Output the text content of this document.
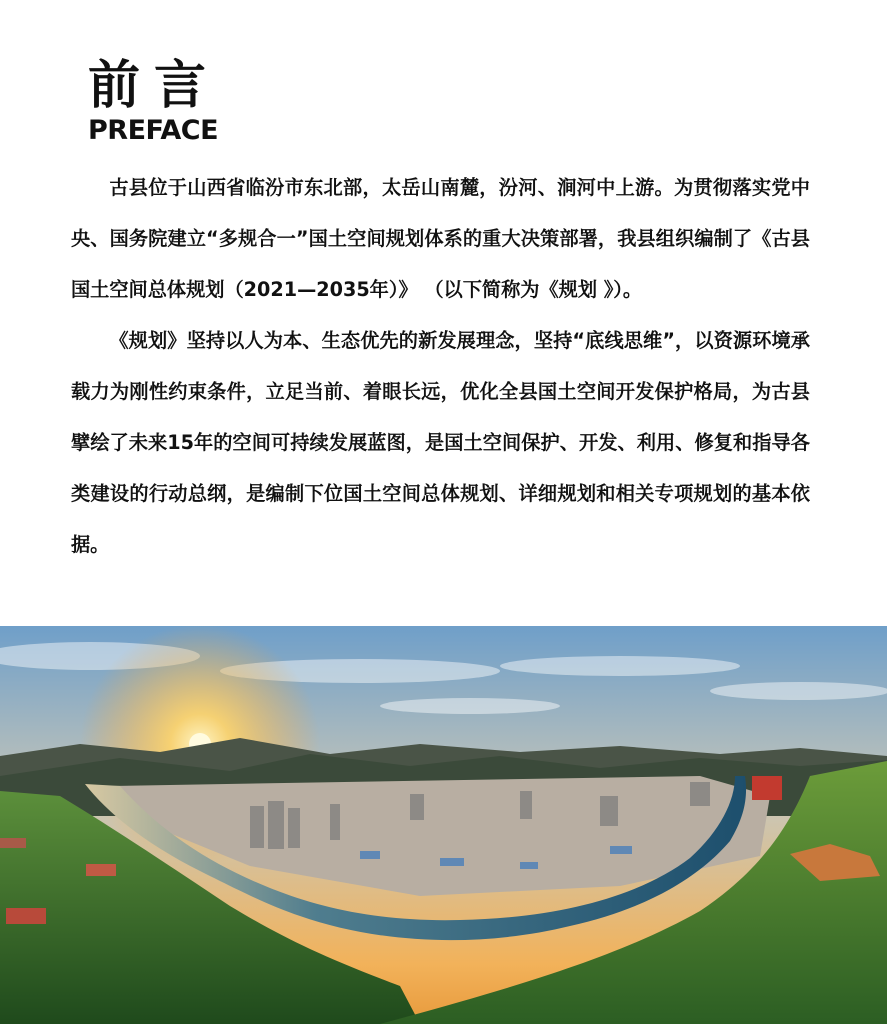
前言
PREFACE

古县位于山西省临汾市东北部，太岳山南麓，汾河、涧河中上游。为贯彻落实党中央、国务院建立“多规合一”国土空间规划体系的重大决策部署，我县组织编制了《古县国土空间总体规划（2021—2035年）》 （以下简称为《规划 》）。

《规划》坚持以人为本、生态优先的新发展理念，坚持“底线思维”，以资源环境承载力为刚性约束条件，立足当前、着眼长远，优化全县国土空间开发保护格局，为古县擘绘了未来15年的空间可持续发展蓝图，是国土空间保护、开发、利用、修复和指导各类建设的行动总纲，是编制下位国土空间总体规划、详细规划和相关专项规划的基本依据。
